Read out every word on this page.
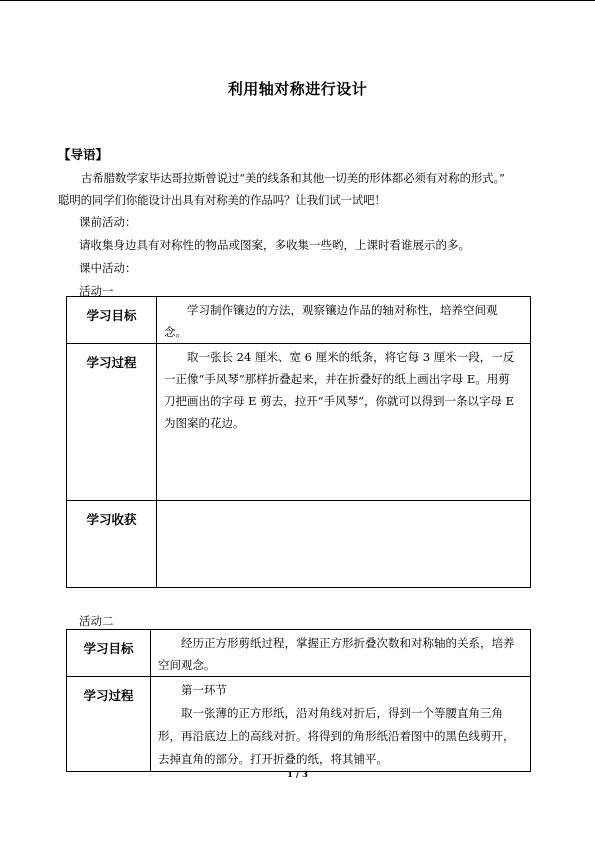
利用轴对称进行设计
【导语】
古希腊数学家毕达哥拉斯曾说过“美的线条和其他一切美的形体都必须有对称的形式。”
聪明的同学们你能设计出具有对称美的作品吗？让我们试一试吧！
课前活动：
请收集身边具有对称性的物品或图案，多收集一些哟，上课时看谁展示的多。
课中活动：
活动一
学习目标	学习制作镶边的方法，观察镶边作品的轴对称性，培养空间观念。
学习过程	取一张长 24 厘米、宽 6 厘米的纸条，将它每 3 厘米一段，一反一正像“手风琴”那样折叠起来，并在折叠好的纸上画出字母 E。用剪刀把画出的字母 E 剪去，拉开“手风琴”，你就可以得到一条以字母 E 为图案的花边。
学习收获	
活动二
学习目标	经历正方形剪纸过程，掌握正方形折叠次数和对称轴的关系，培养空间观念。
学习过程	第一环节
取一张薄的正方形纸，沿对角线对折后，得到一个等腰直角三角形，再沿底边上的高线对折。将得到的角形纸沿着图中的黑色线剪开，去掉直角的部分。打开折叠的纸，将其铺平。
1 / 3
